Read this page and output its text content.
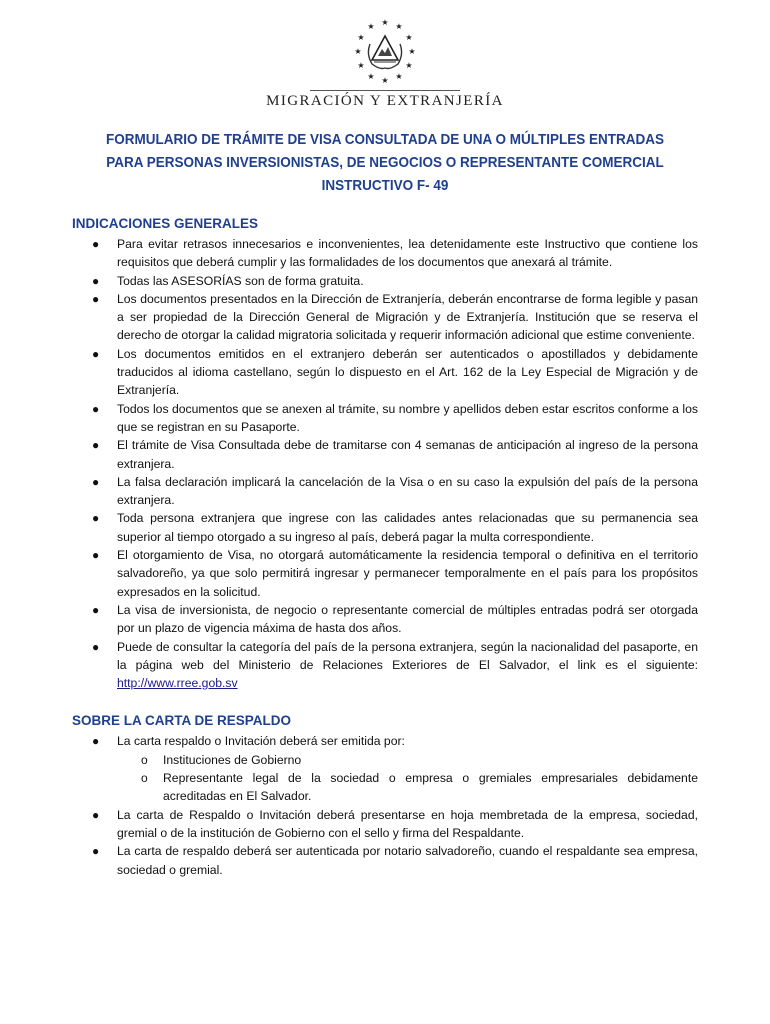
★ ★
★
★
★
★
★
★
★
★
★
★
MIGRACIÓN Y EXTRANJERÍA
FORMULARIO DE TRÁMITE DE VISA CONSULTADA DE UNA O MÚLTIPLES ENTRADAS
PARA PERSONAS INVERSIONISTAS, DE NEGOCIOS O REPRESENTANTE COMERCIAL
INSTRUCTIVO F- 49
INDICACIONES GENERALES
● Para evitar retrasos innecesarios e inconvenientes, lea detenidamente este Instructivo que contiene los requisitos que deberá cumplir y las formalidades de los documentos que anexará al trámite.
● Todas las ASESORÍAS son de forma gratuita.
● Los documentos presentados en la Dirección de Extranjería, deberán encontrarse de forma legible y pasan a ser propiedad de la Dirección General de Migración y de Extranjería. Institución que se reserva el derecho de otorgar la calidad migratoria solicitada y requerir información adicional que estime conveniente.
● Los documentos emitidos en el extranjero deberán ser autenticados o apostillados y debidamente traducidos al idioma castellano, según lo dispuesto en el Art. 162 de la Ley Especial de Migración y de Extranjería.
● Todos los documentos que se anexen al trámite, su nombre y apellidos deben estar escritos conforme a los que se registran en su Pasaporte.
● El trámite de Visa Consultada debe de tramitarse con 4 semanas de anticipación al ingreso de la persona extranjera.
● La falsa declaración implicará la cancelación de la Visa o en su caso la expulsión del país de la persona extranjera.
● Toda persona extranjera que ingrese con las calidades antes relacionadas que su permanencia sea superior al tiempo otorgado a su ingreso al país, deberá pagar la multa correspondiente.
● El otorgamiento de Visa, no otorgará automáticamente la residencia temporal o definitiva en el territorio salvadoreño, ya que solo permitirá ingresar y permanecer temporalmente en el país para los propósitos expresados en la solicitud.
● La visa de inversionista, de negocio o representante comercial de múltiples entradas podrá ser otorgada por un plazo de vigencia máxima de hasta dos años.
● Puede de consultar la categoría del país de la persona extranjera, según la nacionalidad del pasaporte, en la página web del Ministerio de Relaciones Exteriores de El Salvador, el link es el siguiente: http://www.rree.gob.sv
SOBRE LA CARTA DE RESPALDO
● La carta respaldo o Invitación deberá ser emitida por:
o Instituciones de Gobierno
o Representante legal de la sociedad o empresa o gremiales empresariales debidamente acreditadas en El Salvador.
● La carta de Respaldo o Invitación deberá presentarse en hoja membretada de la empresa, sociedad, gremial o de la institución de Gobierno con el sello y firma del Respaldante.
● La carta de respaldo deberá ser autenticada por notario salvadoreño, cuando el respaldante sea empresa, sociedad o gremial.
